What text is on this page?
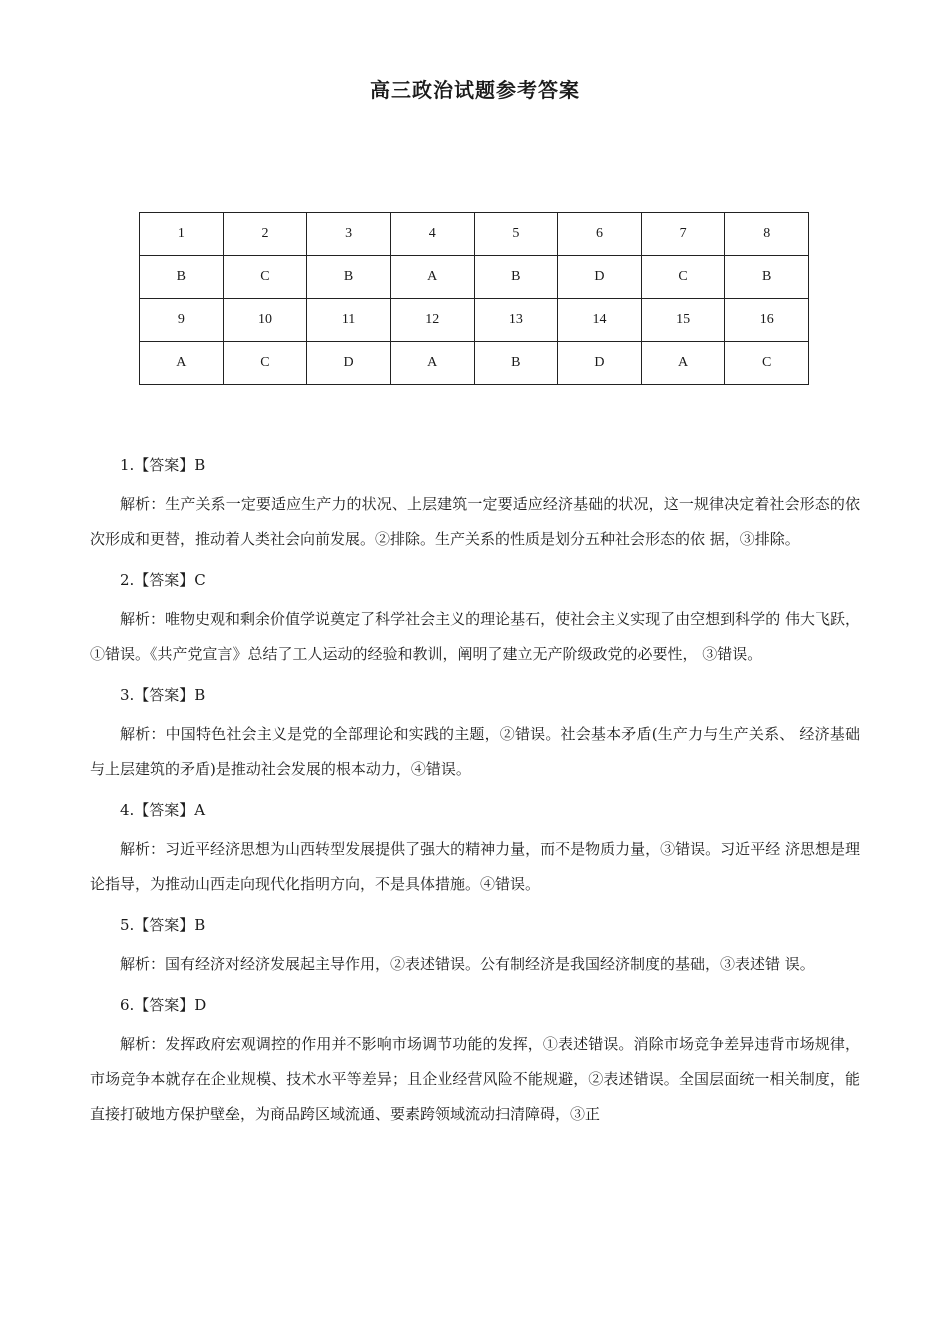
高三政治试题参考答案
1	2	3	4	5	6	7	8
B	C	B	A	B	D	C	B
9	10	11	12	13	14	15	16
A	C	D	A	B	D	A	C
1.【答案】B
解析：生产关系一定要适应生产力的状况、上层建筑一定要适应经济基础的状况，这一规律决定着社会形态的依次形成和更替，推动着人类社会向前发展。②排除。生产关系的性质是划分五种社会形态的依 据，③排除。
2.【答案】C
解析：唯物史观和剩余价值学说奠定了科学社会主义的理论基石，使社会主义实现了由空想到科学的 伟大飞跃，①错误。《共产党宣言》总结了工人运动的经验和教训，阐明了建立无产阶级政党的必要性， ③错误。
3.【答案】B
解析：中国特色社会主义是党的全部理论和实践的主题，②错误。社会基本矛盾(生产力与生产关系、 经济基础与上层建筑的矛盾)是推动社会发展的根本动力，④错误。
4.【答案】A
解析：习近平经济思想为山西转型发展提供了强大的精神力量，而不是物质力量，③错误。习近平经 济思想是理论指导，为推动山西走向现代化指明方向，不是具体措施。④错误。
5.【答案】B
解析：国有经济对经济发展起主导作用，②表述错误。公有制经济是我国经济制度的基础，③表述错 误。
6.【答案】D
解析：发挥政府宏观调控的作用并不影响市场调节功能的发挥，①表述错误。消除市场竞争差异违背市场规律，市场竞争本就存在企业规模、技术水平等差异；且企业经营风险不能规避，②表述错误。全国层面统一相关制度，能直接打破地方保护壁垒，为商品跨区域流通、要素跨领域流动扫清障碍，③正
